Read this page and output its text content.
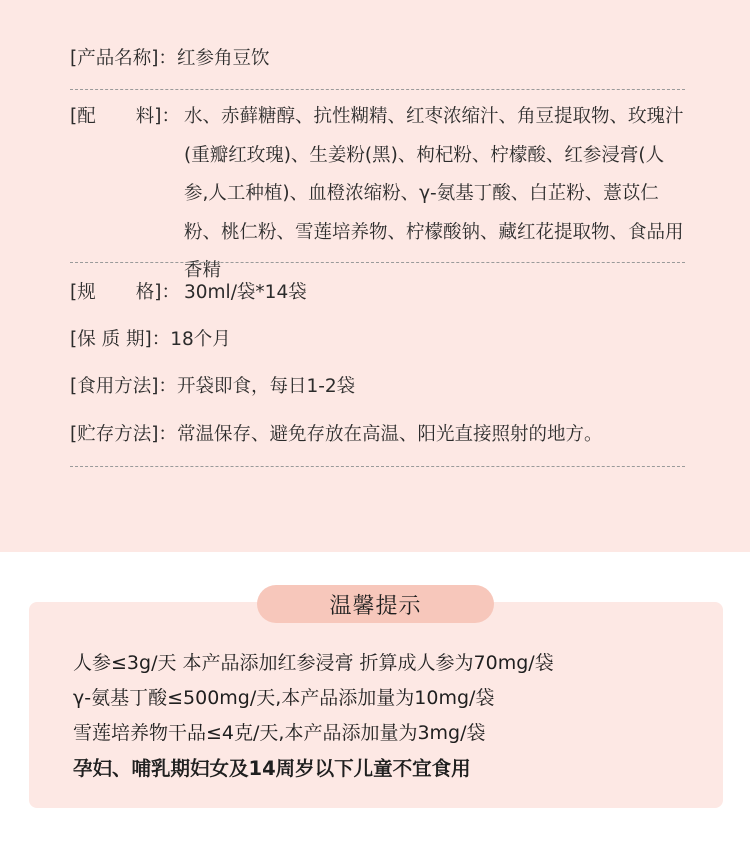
[产品名称]： 红参角豆饮
[配 料]： 水、赤藓糖醇、抗性糊精、红枣浓缩汁、角豆提取物、玫瑰汁(重瓣红玫瑰)、生姜粉(黑)、枸杞粉、柠檬酸、红参浸膏(人参,人工种植)、血橙浓缩粉、γ-氨基丁酸、白芷粉、薏苡仁粉、桃仁粉、雪莲培养物、柠檬酸钠、藏红花提取物、食品用香精
[规 格]： 30ml/袋*14袋
[保 质 期]： 18个月
[食用方法]： 开袋即食，每日1-2袋
[贮存方法]： 常温保存、避免存放在高温、阳光直接照射的地方。
温馨提示
人参≤3g/天 本产品添加红参浸膏 折算成人参为70mg/袋
γ-氨基丁酸≤500mg/天,本产品添加量为10mg/袋
雪莲培养物干品≤4克/天,本产品添加量为3mg/袋
孕妇、哺乳期妇女及14周岁以下儿童不宜食用
